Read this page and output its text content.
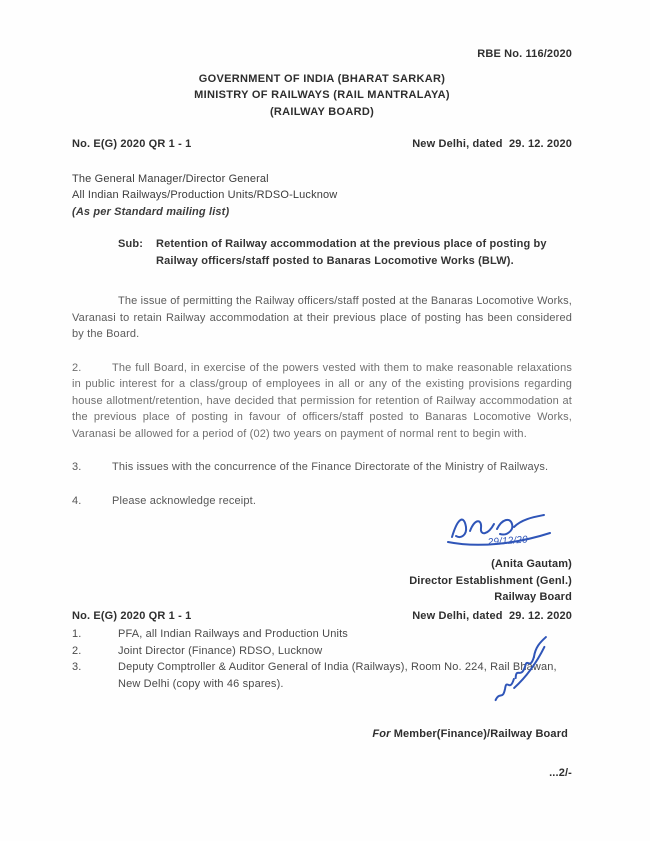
RBE No. 116/2020
GOVERNMENT OF INDIA (BHARAT SARKAR)
MINISTRY OF RAILWAYS (RAIL MANTRALAYA)
(RAILWAY BOARD)
No. E(G) 2020 QR 1 - 1	New Delhi, dated  29. 12. 2020
The General Manager/Director General
All Indian Railways/Production Units/RDSO-Lucknow
(As per Standard mailing list)
Sub:	Retention of Railway accommodation at the previous place of posting by Railway officers/staff posted to Banaras Locomotive Works (BLW).
The issue of permitting the Railway officers/staff posted at the Banaras Locomotive Works, Varanasi to retain Railway accommodation at their previous place of posting has been considered by the Board.
2.	The full Board, in exercise of the powers vested with them to make reasonable relaxations in public interest for a class/group of employees in all or any of the existing provisions regarding house allotment/retention, have decided that permission for retention of Railway accommodation at the previous place of posting in favour of officers/staff posted to Banaras Locomotive Works, Varanasi be allowed for a period of (02) two years on payment of normal rent to begin with.
3.	This issues with the concurrence of the Finance Directorate of the Ministry of Railways.
4.	Please acknowledge receipt.
29/12/20
(Anita Gautam)
Director Establishment (Genl.)
Railway Board
No. E(G) 2020 QR 1 - 1	New Delhi, dated  29. 12. 2020
1.	PFA, all Indian Railways and Production Units
2.	Joint Director (Finance) RDSO, Lucknow
3.	Deputy Comptroller & Auditor General of India (Railways), Room No. 224, Rail Bhawan, New Delhi (copy with 46 spares).
For Member(Finance)/Railway Board
...2/-
